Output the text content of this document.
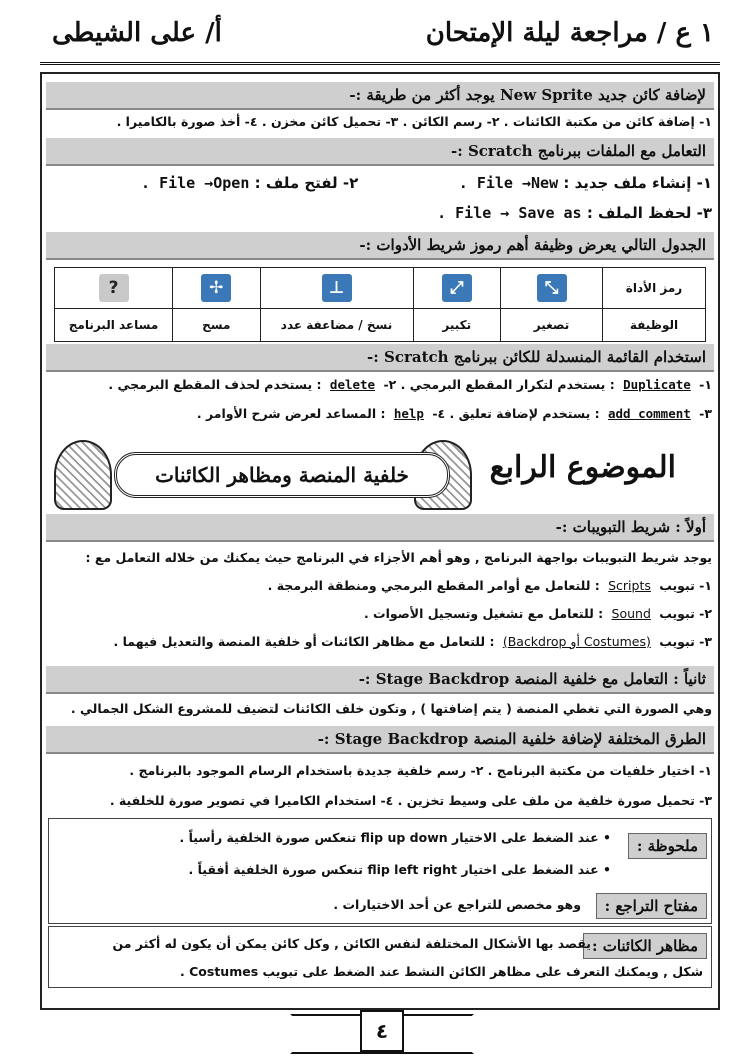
١ ع / مراجعة ليلة الإمتحان
أ/ على الشيطى
لإضافة كائن جديد New Sprite يوجد أكثر من طريقة :-
١- إضافة كائن من مكتبة الكائنات . ٢- رسم الكائن . ٣- تحميل كائن مخزن . ٤- أخذ صورة بالكاميرا .
التعامل مع الملفات ببرنامج Scratch :-
١- إنشاء ملف جديد : File →New .  ٢- لفتح ملف : File →Open .
٣- لحفظ الملف : File → Save as .
الجدول التالي يعرض وظيفة أهم رموز شريط الأدوات :-
رمز الأداة	⤡	⤢	⊥	✢	?
الوظيفة	تصغير	تكبير	نسخ / مضاعفة عدد	مسح	مساعد البرنامج
استخدام القائمة المنسدلة للكائن ببرنامج Scratch :-
١- Duplicate : يستخدم لتكرار المقطع البرمجي . ٢- delete : يستخدم لحذف المقطع البرمجي .
٣- add comment : يستخدم لإضافة تعليق . ٤- help : المساعد لعرض شرح الأوامر .
خلفية المنصة ومظاهر الكائنات	الموضوع الرابع
أولاً : شريط التبويبات :-
يوجد شريط التبويبات بواجهة البرنامج , وهو أهم الأجزاء في البرنامج حيث يمكنك من خلاله التعامل مع :
١- تبويب Scripts : للتعامل مع أوامر المقطع البرمجي ومنطقة البرمجة .
٢- تبويب Sound : للتعامل مع تشغيل وتسجيل الأصوات .
٣- تبويب (Costumes أو Backdrop) : للتعامل مع مظاهر الكائنات أو خلفية المنصة والتعديل فيهما .
ثانياً : التعامل مع خلفية المنصة Stage Backdrop :-
وهي الصورة التي تغطي المنصة ( يتم إضافتها ) , وتكون خلف الكائنات لتضيف للمشروع الشكل الجمالي .
الطرق المختلفة لإضافة خلفية المنصة Stage Backdrop :-
١- اختيار خلفيات من مكتبة البرنامج . ٢- رسم خلفية جديدة باستخدام الرسام الموجود بالبرنامج .
٣- تحميل صورة خلفية من ملف على وسيط تخزين . ٤- استخدام الكاميرا في تصوير صورة للخلفية .
ملحوظة :
• عند الضغط على الاختيار flip up down تنعكس صورة الخلفية رأسياً .
• عند الضغط على اختيار flip left right تنعكس صورة الخلفية أفقياً .
مفتاح التراجع :
وهو مخصص للتراجع عن أحد الاختيارات .
مظاهر الكائنات :
يقصد بها الأشكال المختلفة لنفس الكائن , وكل كائن يمكن أن يكون له أكثر من
شكل , ويمكنك التعرف على مظاهر الكائن النشط عند الضغط على تبويب Costumes .
٤
